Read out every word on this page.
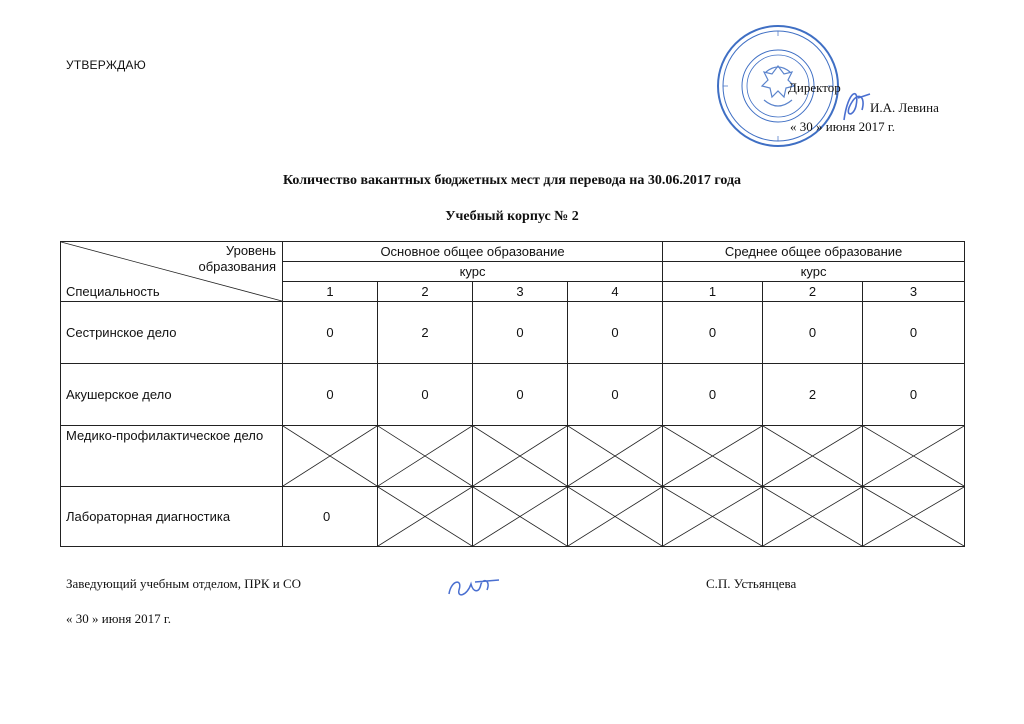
УТВЕРЖДАЮ
Директор
И.А. Левина
« 30 » июня 2017 г.
Количество вакантных бюджетных мест для перевода на 30.06.2017 года
Учебный корпус № 2
Уровень
образования
Специальность	Основное общее образование				Среднее общее образование			
	курс				курс			
	1	2	3	4	1	2	3	
Сестринское дело	0	2	0	0	0	0	0	
Акушерское дело	0	0	0	0	0	2	0	
Медико-профилактическое дело	

Лабораторная диагностика	0	

Заведующий учебным отделом, ПРК и СО	С.П. Устьянцева
« 30 » июня 2017 г.
